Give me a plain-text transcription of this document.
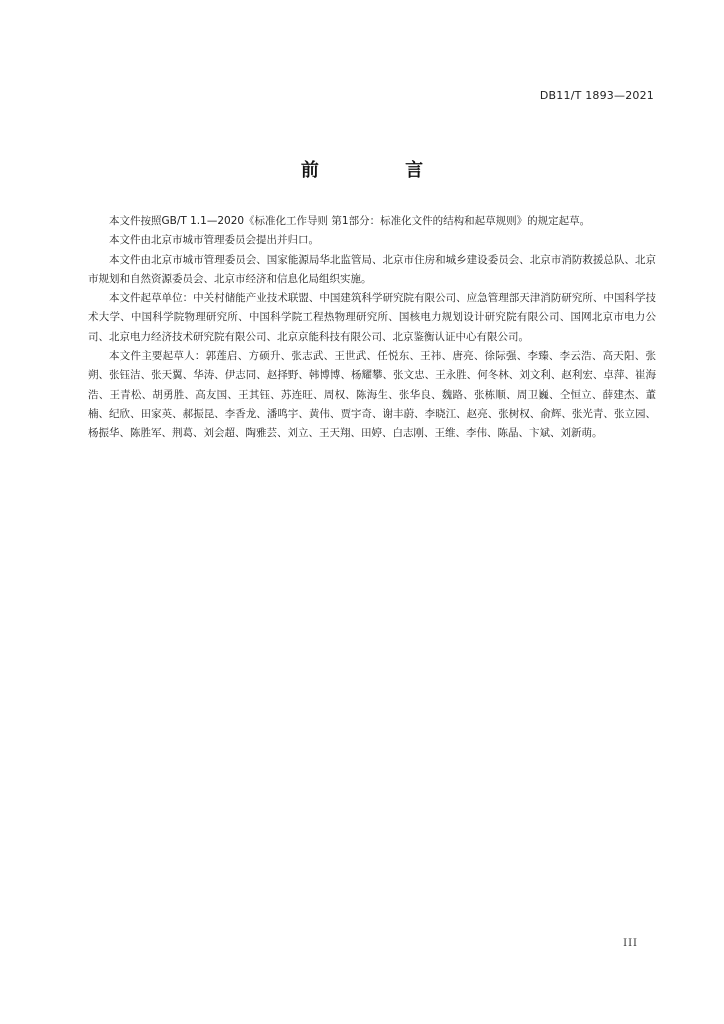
DB11/T 1893—2021
前 言

本文件按照GB/T 1.1—2020《标准化工作导则 第1部分：标准化文件的结构和起草规则》的规定起草。

本文件由北京市城市管理委员会提出并归口。

本文件由北京市城市管理委员会、国家能源局华北监管局、北京市住房和城乡建设委员会、北京市消防救援总队、北京市规划和自然资源委员会、北京市经济和信息化局组织实施。

本文件起草单位：中关村储能产业技术联盟、中国建筑科学研究院有限公司、应急管理部天津消防研究所、中国科学技术大学、中国科学院物理研究所、中国科学院工程热物理研究所、国核电力规划设计研究院有限公司、国网北京市电力公司、北京电力经济技术研究院有限公司、北京京能科技有限公司、北京鉴衡认证中心有限公司。

本文件主要起草人：郭莲启、方硕升、张志武、王世武、任悦东、王祎、唐亮、徐际强、李臻、李云浩、高天阳、张朔、张钰洁、张天翼、华涛、伊志同、赵择野、韩博博、杨耀攀、张文忠、王永胜、何冬林、刘文利、赵利宏、卓萍、崔海浩、王青松、胡勇胜、高友国、王其钰、苏连旺、周权、陈海生、张华良、魏路、张栋顺、周卫巍、仝恒立、薛建杰、董楠、纪欣、田家英、郝振昆、李香龙、潘鸣宇、黄伟、贾宇奇、谢丰蔚、李晓江、赵亮、张树权、俞辉、张光青、张立园、杨振华、陈胜军、荆葛、刘会超、陶雅芸、刘立、王天翔、田婷、白志刚、王维、李伟、陈晶、卞斌、刘新萌。

III
